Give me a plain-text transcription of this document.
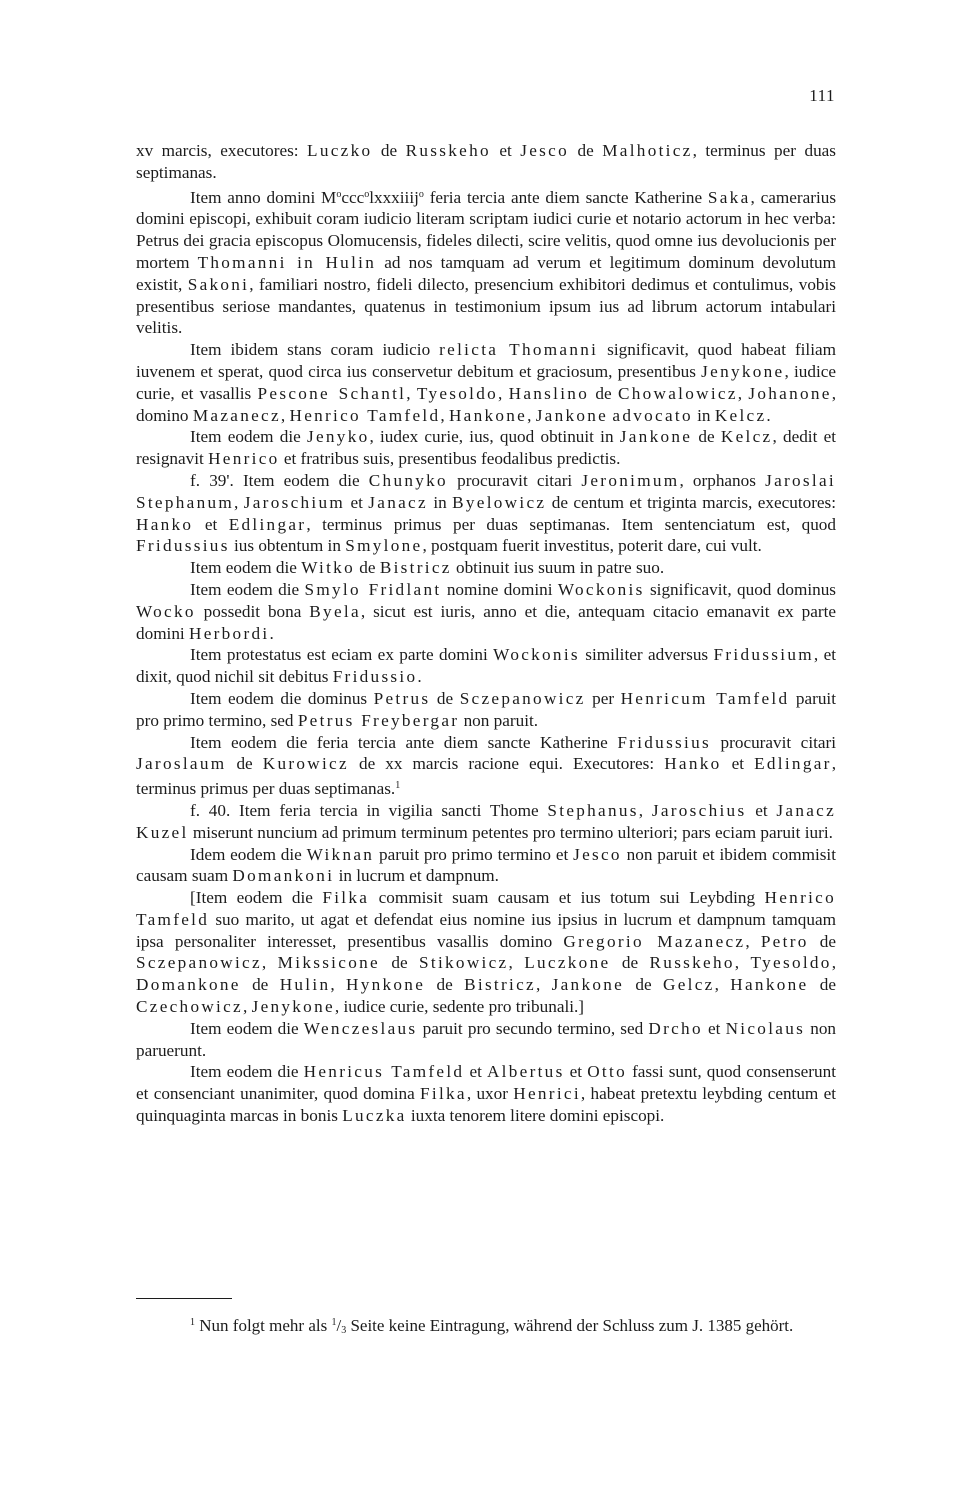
111

xv marcis, executores: Luczko de Russkeho et Jesco de Malhoticz, terminus per duas septimanas.

Item anno domini $M^occc^olxxxiiij^o$ feria tercia ante diem sancte Katherine Saka, camerarius domini episcopi, exhibuit coram iudicio literam scriptam iudici curie et notario actorum in hec verba: Petrus dei gracia episcopus Olomucensis, fideles dilecti, scire velitis, quod omne ius devolucionis per mortem Thomanni in Hulin ad nos tamquam ad verum et legitimum dominum devolutum existit, Sakoni, familiari nostro, fideli dilecto, presencium exhibitori dedimus et contulimus, vobis presentibus seriose mandantes, quatenus in testimonium ipsum ius ad librum actorum intabulari velitis.

Item ibidem stans coram iudicio relicta Thomanni significavit, quod habeat filiam iuvenem et sperat, quod circa ius conservetur debitum et graciosum, presentibus Jenykone, iudice curie, et vasallis Pescone Schantl, Tyesoldo, Hanslino de Chowalowicz, Johanone, domino Mazanecz, Henrico Tamfeld, Hankone, Jankone advocato in Kelcz.

Item eodem die Jenyko, iudex curie, ius, quod obtinuit in Jankone de Kelcz, dedit et resignavit Henrico et fratribus suis, presentibus feodalibus predictis.

f. 39'. Item eodem die Chunyko procuravit citari Jeronimum, orphanos Jaroslai Stephanum, Jaroschium et Janacz in Byelowicz de centum et triginta marcis, executores: Hanko et Edlingar, terminus primus per duas septimanas. Item sentenciatum est, quod Fridussius ius obtentum in Smylone, postquam fuerit investitus, poterit dare, cui vult.

Item eodem die Witko de Bistricz obtinuit ius suum in patre suo.

Item eodem die Smylo Fridlant nomine domini Wockonis significavit, quod dominus Wocko possedit bona Byela, sicut est iuris, anno et die, antequam citacio emanavit ex parte domini Herbordi.

Item protestatus est eciam ex parte domini Wockonis similiter adversus Fridussium, et dixit, quod nichil sit debitus Fridussio.

Item eodem die dominus Petrus de Sczepanowicz per Henricum Tamfeld paruit pro primo termino, sed Petrus Freybergar non paruit.

Item eodem die feria tercia ante diem sancte Katherine Fridussius procuravit citari Jaroslaum de Kurowicz de xx marcis racione equi. Executores: Hanko et Edlingar, terminus primus per duas septimanas.$^1$

f. 40. Item feria tercia in vigilia sancti Thome Stephanus, Jaroschius et Janacz Kuzel miserunt nuncium ad primum terminum petentes pro termino ulteriori; pars eciam paruit iuri.

Idem eodem die Wiknan paruit pro primo termino et Jesco non paruit et ibidem commisit causam suam Domankoni in lucrum et dampnum.

[Item eodem die Filka commisit suam causam et ius totum sui Leybding Henrico Tamfeld suo marito, ut agat et defendat eius nomine ius ipsius in lucrum et dampnum tamquam ipsa personaliter interesset, presentibus vasallis domino Gregorio Mazanecz, Petro de Sczepanowicz, Mikssicone de Stikowicz, Luczkone de Russkeho, Tyesoldo, Domankone de Hulin, Hynkone de Bistricz, Jankone de Gelcz, Hankone de Czechowicz, Jenykone, iudice curie, sedente pro tribunali.]

Item eodem die Wenczeslaus paruit pro secundo termino, sed Drcho et Nicolaus non paruerunt.

Item eodem die Henricus Tamfeld et Albertus et Otto fassi sunt, quod consenserunt et consenciant unanimiter, quod domina Filka, uxor Henrici, habeat pretextu leybding centum et quinquaginta marcas in bonis Luczka iuxta tenorem litere domini episcopi.

$^1$ Nun folgt mehr als $^1$/3 Seite keine Eintragung, während der Schluss zum J. 1385 gehört.
